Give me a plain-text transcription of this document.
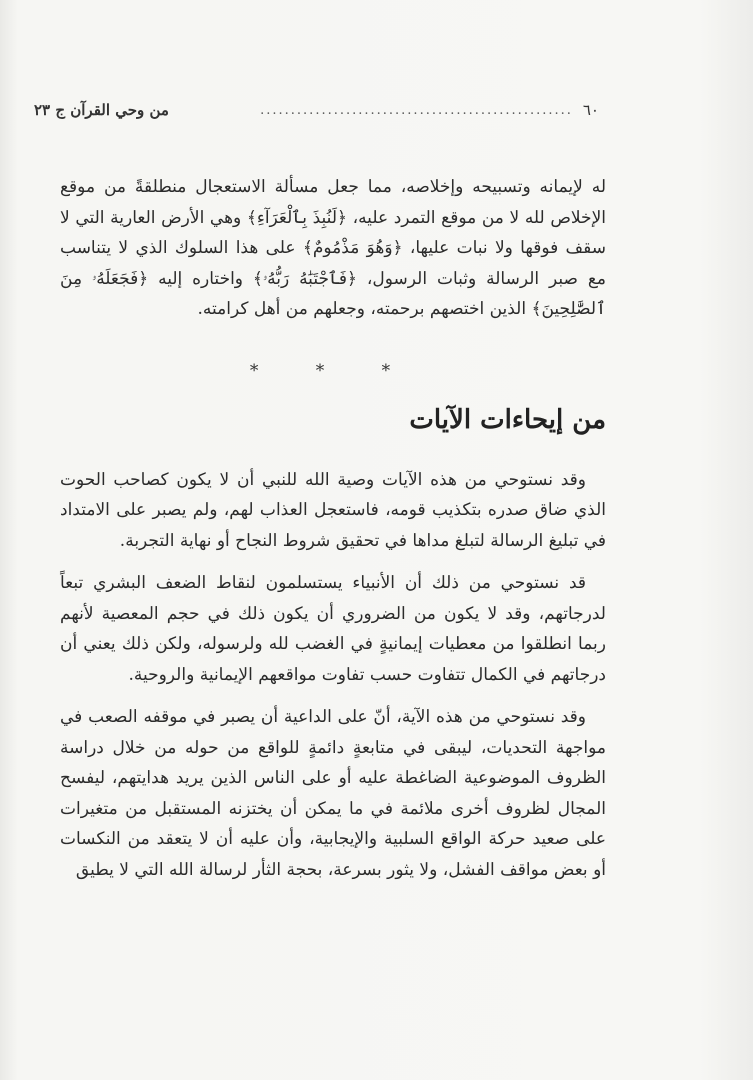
٦٠
...................................................
من وحي القرآن ج ٢٣

له لإيمانه وتسبيحه وإخلاصه، مما جعل مسألة الاستعجال منطلقةً من موقع الإخلاص لله لا من موقع التمرد عليه، ﴿لَنُبِذَ بِٱلْعَرَآءِ﴾ وهي الأرض العارية التي لا سقف فوقها ولا نبات عليها، ﴿وَهُوَ مَذْمُومٌ﴾ على هذا السلوك الذي لا يتناسب مع صبر الرسالة وثبات الرسول، ﴿فَٱجْتَبَٰهُ رَبُّهُۥ﴾ واختاره إليه ﴿فَجَعَلَهُۥ مِنَ ٱلصَّٰلِحِينَ﴾ الذين اختصهم برحمته، وجعلهم من أهل كرامته.

* * *
من إيحاءات الآيات

وقد نستوحي من هذه الآيات وصية الله للنبي أن لا يكون كصاحب الحوت الذي ضاق صدره بتكذيب قومه، فاستعجل العذاب لهم، ولم يصبر على الامتداد في تبليغ الرسالة لتبلغ مداها في تحقيق شروط النجاح أو نهاية التجربة.

قد نستوحي من ذلك أن الأنبياء يستسلمون لنقاط الضعف البشري تبعاً لدرجاتهم، وقد لا يكون من الضروري أن يكون ذلك في حجم المعصية لأنهم ربما انطلقوا من معطيات إيمانيةٍ في الغضب لله ولرسوله، ولكن ذلك يعني أن درجاتهم في الكمال تتفاوت حسب تفاوت مواقعهم الإيمانية والروحية.

وقد نستوحي من هذه الآية، أنّ على الداعية أن يصبر في موقفه الصعب في مواجهة التحديات، ليبقى في متابعةٍ دائمةٍ للواقع من حوله من خلال دراسة الظروف الموضوعية الضاغطة عليه أو على الناس الذين يريد هدايتهم، ليفسح المجال لظروف أخرى ملائمة في ما يمكن أن يختزنه المستقبل من متغيرات على صعيد حركة الواقع السلبية والإيجابية، وأن عليه أن لا يتعقد من النكسات أو بعض مواقف الفشل، ولا يثور بسرعة، بحجة الثأر لرسالة الله التي لا يطيق
